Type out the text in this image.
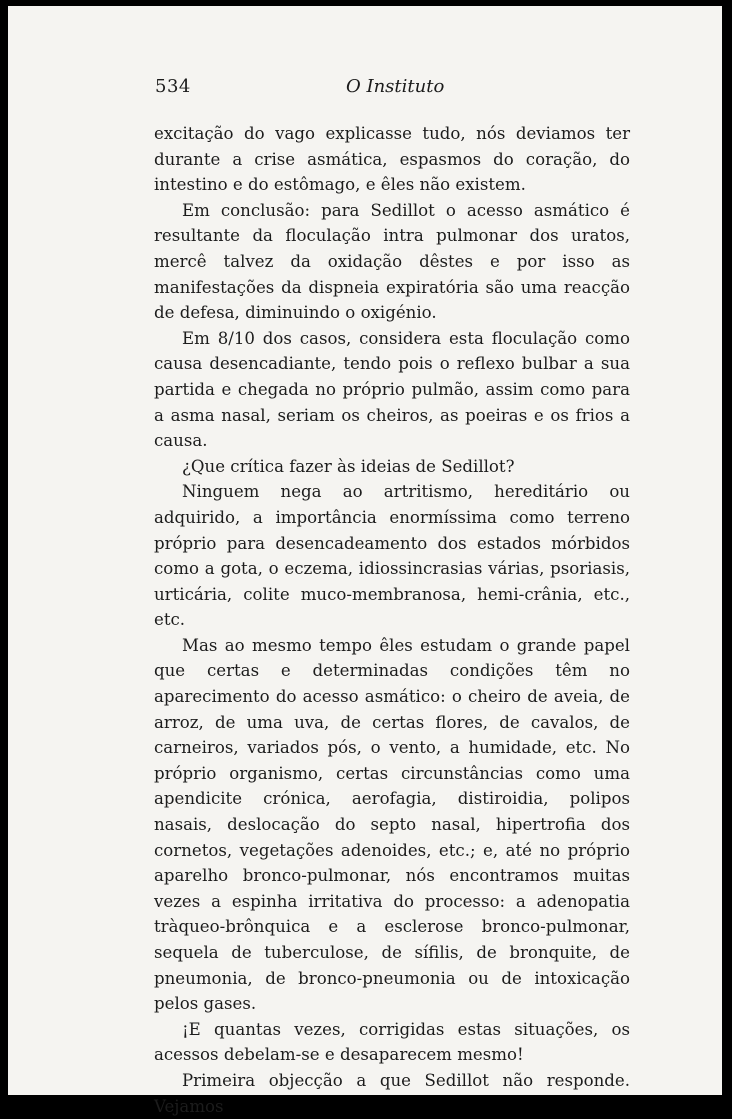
534	O Instituto

excitação do vago explicasse tudo, nós deviamos ter durante a crise asmática, espasmos do coração, do intestino e do estômago, e êles não existem.

Em conclusão: para Sedillot o acesso asmático é resultante da floculação intra pulmonar dos uratos, mercê talvez da oxidação dêstes e por isso as manifestações da dispneia expiratória são uma reacção de defesa, diminuindo o oxigénio.

Em 8/10 dos casos, considera esta floculação como causa desencadiante, tendo pois o reflexo bulbar a sua partida e chegada no próprio pulmão, assim como para a asma nasal, seriam os cheiros, as poeiras e os frios a causa.

¿Que crítica fazer às ideias de Sedillot?

Ninguem nega ao artritismo, hereditário ou adquirido, a importância enormíssima como terreno próprio para desencadeamento dos estados mórbidos como a gota, o eczema, idiossincrasias várias, psoriasis, urticária, colite muco-membranosa, hemi-crânia, etc., etc.

Mas ao mesmo tempo êles estudam o grande papel que certas e determinadas condições têm no aparecimento do acesso asmático: o cheiro de aveia, de arroz, de uma uva, de certas flores, de cavalos, de carneiros, variados pós, o vento, a humidade, etc. No próprio organismo, certas circunstâncias como uma apendicite crónica, aerofagia, distiroidia, polipos nasais, deslocação do septo nasal, hipertrofia dos cornetos, vegetações adenoides, etc.; e, até no próprio aparelho bronco-pulmonar, nós encontramos muitas vezes a espinha irritativa do processo: a adenopatia tràqueo-brônquica e a esclerose bronco-pulmonar, sequela de tuberculose, de sífilis, de bronquite, de pneumonia, de bronco-pneumonia ou de intoxicação pelos gases.

¡E quantas vezes, corrigidas estas situações, os acessos debelam-se e desaparecem mesmo!

Primeira objecção a que Sedillot não responde. Vejamos
